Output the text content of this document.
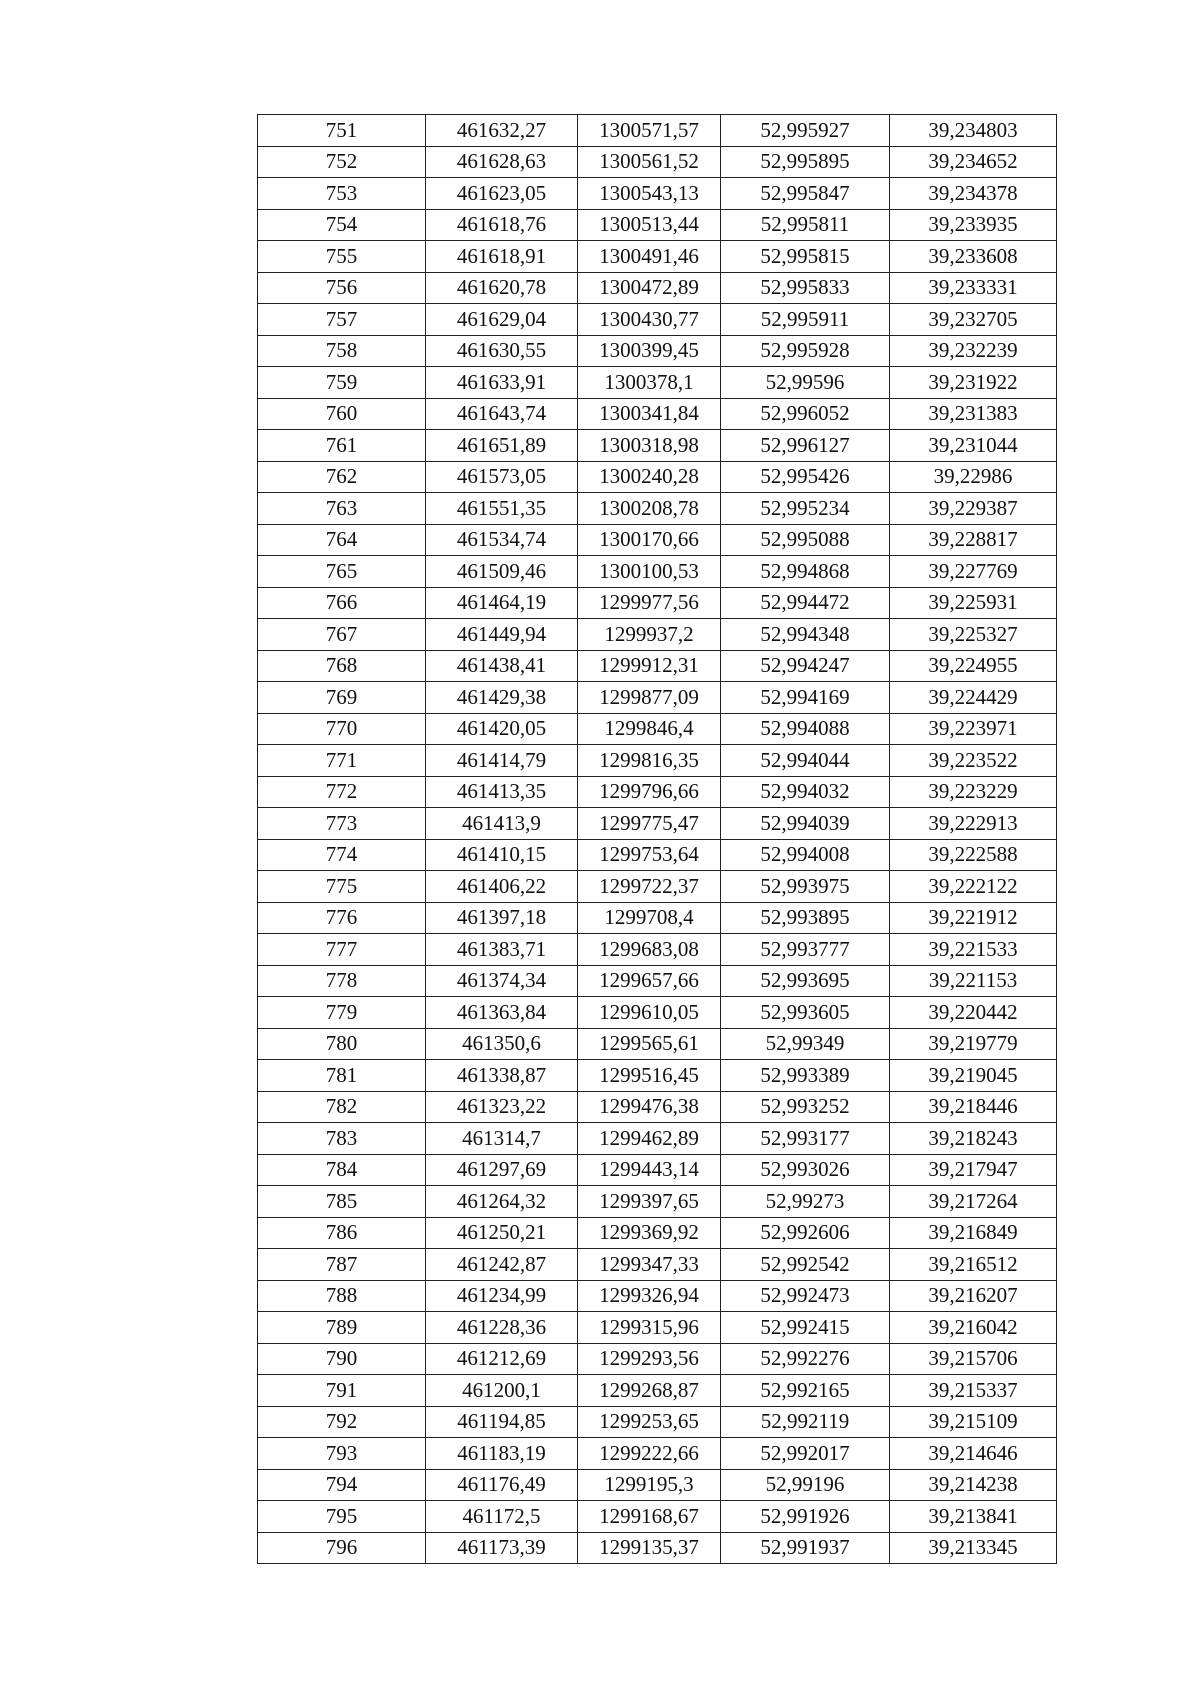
751	461632,27	1300571,57	52,995927	39,234803
752	461628,63	1300561,52	52,995895	39,234652
753	461623,05	1300543,13	52,995847	39,234378
754	461618,76	1300513,44	52,995811	39,233935
755	461618,91	1300491,46	52,995815	39,233608
756	461620,78	1300472,89	52,995833	39,233331
757	461629,04	1300430,77	52,995911	39,232705
758	461630,55	1300399,45	52,995928	39,232239
759	461633,91	1300378,1	52,99596	39,231922
760	461643,74	1300341,84	52,996052	39,231383
761	461651,89	1300318,98	52,996127	39,231044
762	461573,05	1300240,28	52,995426	39,22986
763	461551,35	1300208,78	52,995234	39,229387
764	461534,74	1300170,66	52,995088	39,228817
765	461509,46	1300100,53	52,994868	39,227769
766	461464,19	1299977,56	52,994472	39,225931
767	461449,94	1299937,2	52,994348	39,225327
768	461438,41	1299912,31	52,994247	39,224955
769	461429,38	1299877,09	52,994169	39,224429
770	461420,05	1299846,4	52,994088	39,223971
771	461414,79	1299816,35	52,994044	39,223522
772	461413,35	1299796,66	52,994032	39,223229
773	461413,9	1299775,47	52,994039	39,222913
774	461410,15	1299753,64	52,994008	39,222588
775	461406,22	1299722,37	52,993975	39,222122
776	461397,18	1299708,4	52,993895	39,221912
777	461383,71	1299683,08	52,993777	39,221533
778	461374,34	1299657,66	52,993695	39,221153
779	461363,84	1299610,05	52,993605	39,220442
780	461350,6	1299565,61	52,99349	39,219779
781	461338,87	1299516,45	52,993389	39,219045
782	461323,22	1299476,38	52,993252	39,218446
783	461314,7	1299462,89	52,993177	39,218243
784	461297,69	1299443,14	52,993026	39,217947
785	461264,32	1299397,65	52,99273	39,217264
786	461250,21	1299369,92	52,992606	39,216849
787	461242,87	1299347,33	52,992542	39,216512
788	461234,99	1299326,94	52,992473	39,216207
789	461228,36	1299315,96	52,992415	39,216042
790	461212,69	1299293,56	52,992276	39,215706
791	461200,1	1299268,87	52,992165	39,215337
792	461194,85	1299253,65	52,992119	39,215109
793	461183,19	1299222,66	52,992017	39,214646
794	461176,49	1299195,3	52,99196	39,214238
795	461172,5	1299168,67	52,991926	39,213841
796	461173,39	1299135,37	52,991937	39,213345
